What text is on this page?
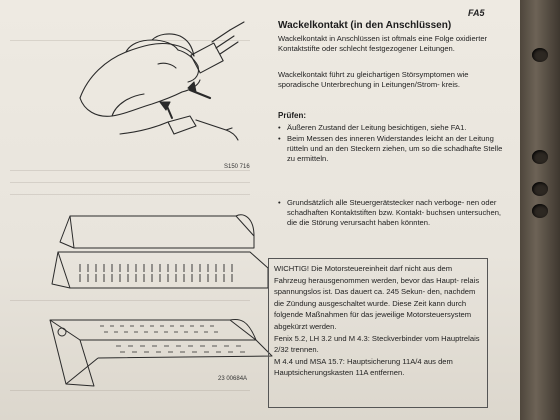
S150 716
23 00684A
FA5
Wackelkontakt (in den Anschlüssen)

Wackelkontakt in Anschlüssen ist oftmals eine Folge oxidierter Kontaktstifte oder schlecht festgezogener Leitungen.

Wackelkontakt führt zu gleichartigen Störsymptomen wie sporadische Unterbrechung in Leitungen/Strom- kreis.

Prüfen:
• Äußeren Zustand der Leitung besichtigen, siehe FA1.
• Beim Messen des inneren Widerstandes leicht an der Leitung rütteln und an den Steckern ziehen, um so die schadhafte Stelle zu ermitteln.
• Grundsätzlich alle Steuergerätstecker nach verboge- nen oder schadhaften Kontaktstiften bzw. Kontakt- buchsen untersuchen, die die Störung verursacht haben könnten.

WICHTIG! Die Motorsteuereinheit darf nicht aus dem Fahrzeug herausgenommen werden, bevor das Haupt- relais spannungslos ist. Das dauert ca. 245 Sekun- den, nachdem die Zündung ausgeschaltet wurde. Diese Zeit kann durch folgende Maßnahmen für das jeweilige Motorsteuersystem abgekürzt werden.

Fenix 5.2, LH 3.2 und M 4.3: Steckverbinder vom Hauptrelais 2/32 trennen.

M 4.4 und MSA 15.7: Hauptsicherung 11A/4 aus dem Hauptsicherungskasten 11A entfernen.
